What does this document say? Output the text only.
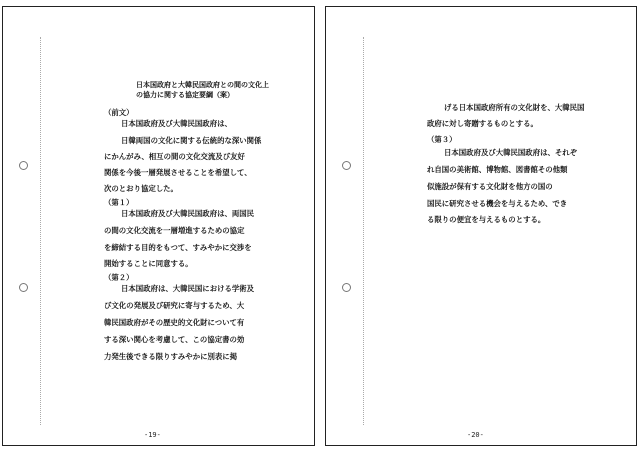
日本国政府と大韓民国政府との間の文化上
の協力に関する協定要綱（案）
（前文）
日本国政府及び大韓民国政府は、
日韓両国の文化に関する伝統的な深い関係
にかんがみ、相互の間の文化交流及び友好
関係を今後一層発展させることを希望して、
次のとおり協定した。
（第１）
日本国政府及び大韓民国政府は、両国民
の間の文化交流を一層増進するための協定
を締結する目的をもつて、すみやかに交渉を
開始することに同意する。
（第２）
日本国政府は、大韓民国における学術及
び文化の発展及び研究に寄与するため、大
韓民国政府がその歴史的文化財について有
する深い関心を考慮して、この協定書の効
力発生後できる限りすみやかに別表に掲
-19-
げる日本国政府所有の文化財を、大韓民国
政府に対し寄贈するものとする。
（第３）
日本国政府及び大韓民国政府は、それぞ
れ自国の美術館、博物館、図書館その他類
似施設が保有する文化財を他方の国の
国民に研究させる機会を与えるため、でき
る限りの便宜を与えるものとする。
-20-
